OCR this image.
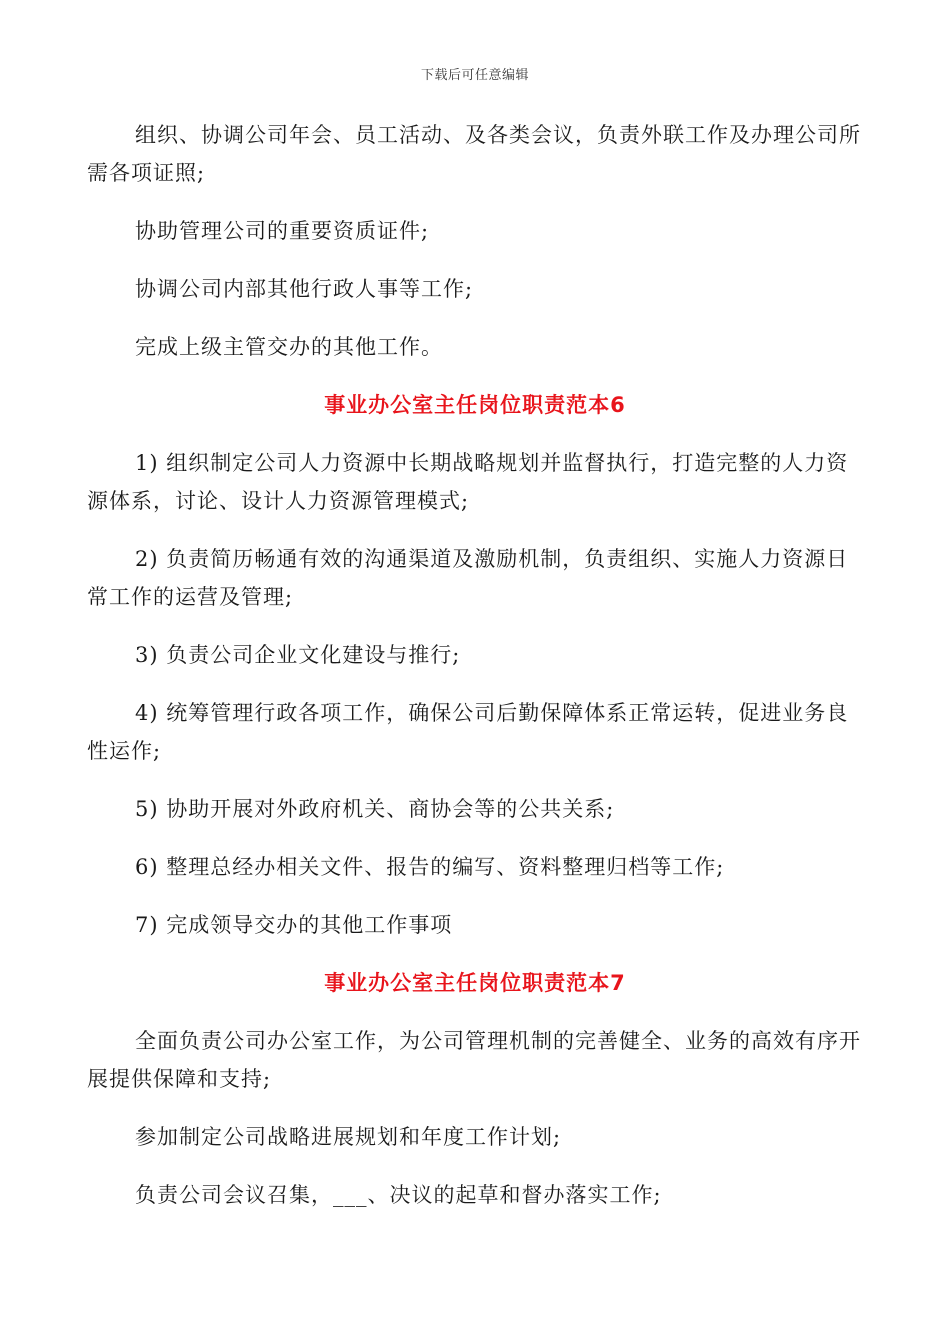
下载后可任意编辑

组织、协调公司年会、员工活动、及各类会议，负责外联工作及办理公司所需各项证照;

协助管理公司的重要资质证件;

协调公司内部其他行政人事等工作;

完成上级主管交办的其他工作。

事业办公室主任岗位职责范本6

1) 组织制定公司人力资源中长期战略规划并监督执行，打造完整的人力资源体系，讨论、设计人力资源管理模式;

2) 负责简历畅通有效的沟通渠道及激励机制，负责组织、实施人力资源日常工作的运营及管理;

3) 负责公司企业文化建设与推行;

4) 统筹管理行政各项工作，确保公司后勤保障体系正常运转，促进业务良性运作;

5) 协助开展对外政府机关、商协会等的公共关系;

6) 整理总经办相关文件、报告的编写、资料整理归档等工作;

7) 完成领导交办的其他工作事项

事业办公室主任岗位职责范本7

全面负责公司办公室工作，为公司管理机制的完善健全、业务的高效有序开展提供保障和支持;

参加制定公司战略进展规划和年度工作计划;

负责公司会议召集，___、决议的起草和督办落实工作;
